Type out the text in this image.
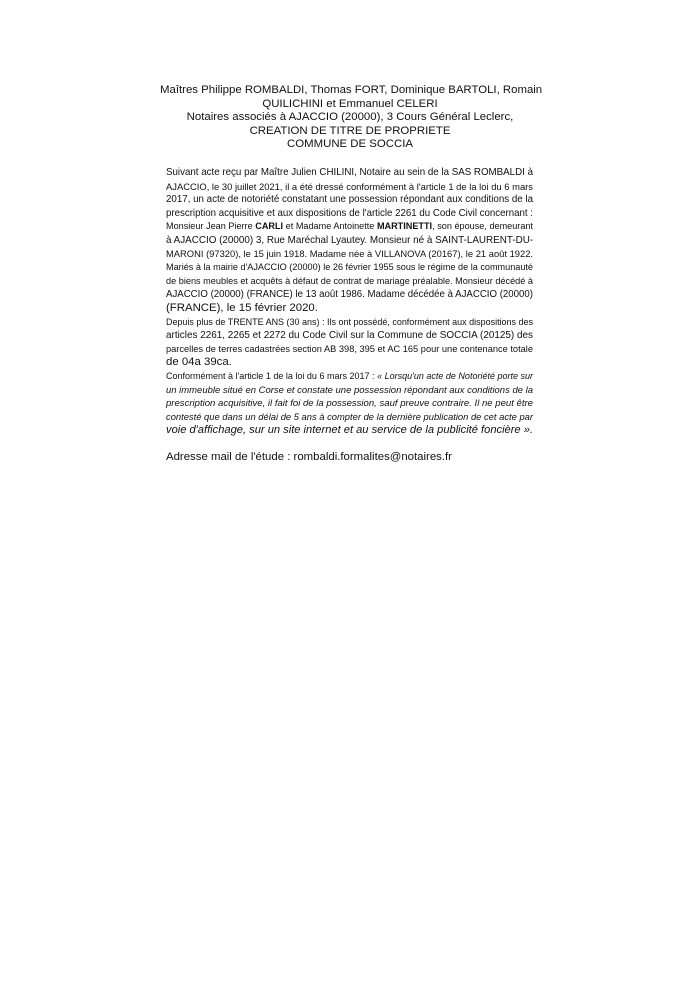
Maîtres Philippe ROMBALDI, Thomas FORT, Dominique BARTOLI, Romain
QUILICHINI et Emmanuel CELERI
Notaires associés à AJACCIO (20000), 3 Cours Général Leclerc,
CREATION DE TITRE DE PROPRIETE
COMMUNE DE SOCCIA

Suivant acte reçu par Maître Julien CHILINI, Notaire au sein de la SAS ROMBALDI à
AJACCIO, le 30 juillet 2021, il a été dressé conformément à l'article 1 de la loi du 6 mars
2017, un acte de notoriété constatant une possession répondant aux conditions de la
prescription acquisitive et aux dispositions de l'article 2261 du Code Civil concernant :
Monsieur Jean Pierre CARLI et Madame Antoinette MARTINETTI, son épouse, demeurant
à AJACCIO (20000) 3, Rue Maréchal Lyautey. Monsieur né à SAINT-LAURENT-DU-
MARONI (97320), le 15 juin 1918. Madame née à VILLANOVA (20167), le 21 août 1922.
Mariés à la mairie d'AJACCIO (20000) le 26 février 1955 sous le régime de la communauté
de biens meubles et acquêts à défaut de contrat de mariage préalable. Monsieur décédé à
AJACCIO (20000) (FRANCE) le 13 août 1986. Madame décédée à AJACCIO (20000)
(FRANCE), le 15 février 2020.

Depuis plus de TRENTE ANS (30 ans) : Ils ont possédé, conformément aux dispositions des
articles 2261, 2265 et 2272 du Code Civil sur la Commune de SOCCIA (20125) des
parcelles de terres cadastrées section AB 398, 395 et AC 165 pour une contenance totale
de 04a 39ca.

Conformément à l'article 1 de la loi du 6 mars 2017 : « Lorsqu'un acte de Notoriété porte sur
un immeuble situé en Corse et constate une possession répondant aux conditions de la
prescription acquisitive, il fait foi de la possession, sauf preuve contraire. Il ne peut être
contesté que dans un délai de 5 ans à compter de la dernière publication de cet acte par
voie d'affichage, sur un site internet et au service de la publicité foncière ».

Adresse mail de l'étude : rombaldi.formalites@notaires.fr
